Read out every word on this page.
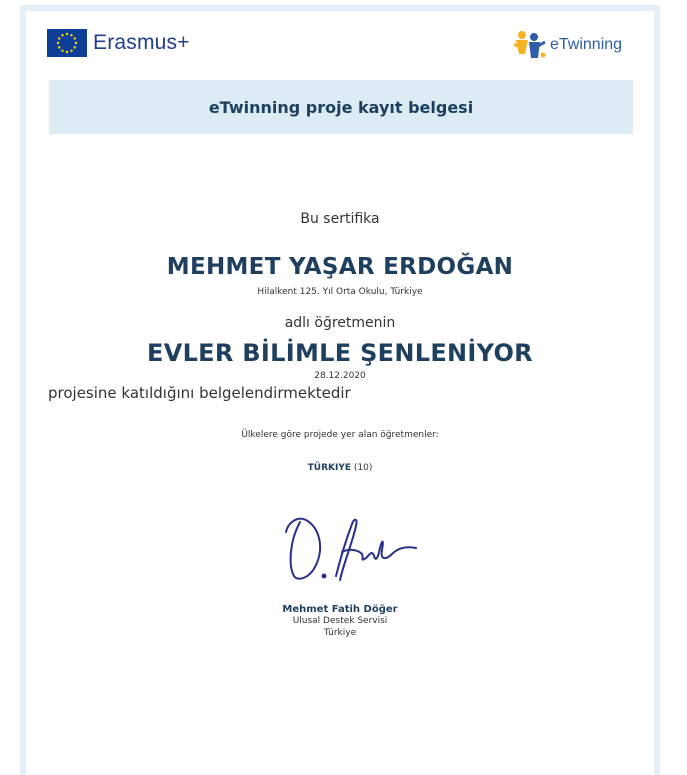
Erasmus+	eTwinning
eTwinning proje kayıt belgesi
Bu sertifika
MEHMET YAŞAR ERDOĞAN
Hilalkent 125. Yıl Orta Okulu, Türkiye
adlı öğretmenin
EVLER BİLİMLE ŞENLENİYOR
28.12.2020
projesine katıldığını belgelendirmektedir
Ülkelere göre projede yer alan öğretmenler:
TÜRKIYE (10)
Mehmet Fatih Döğer
Ulusal Destek Servisi
Türkiye
